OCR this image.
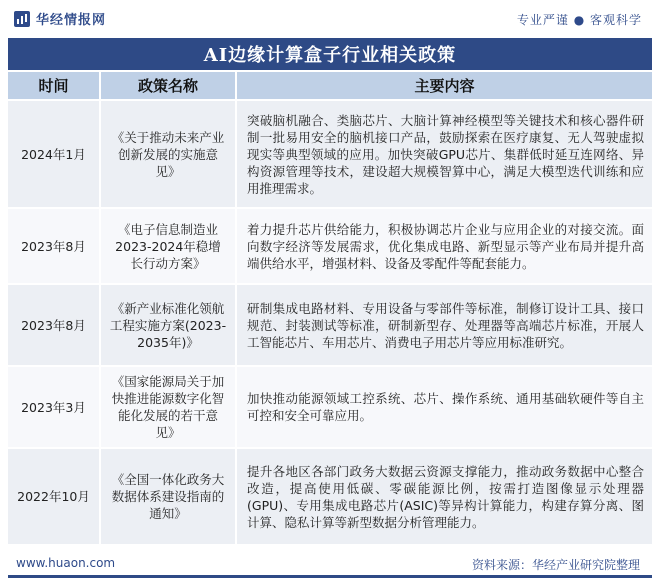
华经情报网	专业严谨 ● 客观科学
AI边缘计算盒子行业相关政策
时间	政策名称	主要内容
2024年1月	《关于推动未来产业创新发展的实施意见》	突破脑机融合、类脑芯片、大脑计算神经模型等关键技术和核心器件研制一批易用安全的脑机接口产品，鼓励探索在医疗康复、无人驾驶虚拟现实等典型领域的应用。加快突破GPU芯片、集群低时延互连网络、异构资源管理等技术，建设超大规模智算中心，满足大模型迭代训练和应用推理需求。
2023年8月	《电子信息制造业2023-2024年稳增长行动方案》	着力提升芯片供给能力，积极协调芯片企业与应用企业的对接交流。面向数字经济等发展需求，优化集成电路、新型显示等产业布局并提升高端供给水平，增强材料、设备及零配件等配套能力。
2023年8月	《新产业标准化领航工程实施方案(2023-2035年)》	研制集成电路材料、专用设备与零部件等标准，制修订设计工具、接口规范、封装测试等标准，研制新型存、处理器等高端芯片标准，开展人工智能芯片、车用芯片、消费电子用芯片等应用标准研究。
2023年3月	《国家能源局关于加快推进能源数字化智能化发展的若干意见》	加快推动能源领域工控系统、芯片、操作系统、通用基础软硬件等自主可控和安全可靠应用。
2022年10月	《全国一体化政务大数据体系建设指南的通知》	提升各地区各部门政务大数据云资源支撑能力，推动政务数据中心整合改造，提高使用低碳、零碳能源比例，按需打造图像显示处理器(GPU)、专用集成电路芯片(ASIC)等异构计算能力，构建存算分离、图计算、隐私计算等新型数据分析管理能力。
www.huaon.com	资料来源：华经产业研究院整理
